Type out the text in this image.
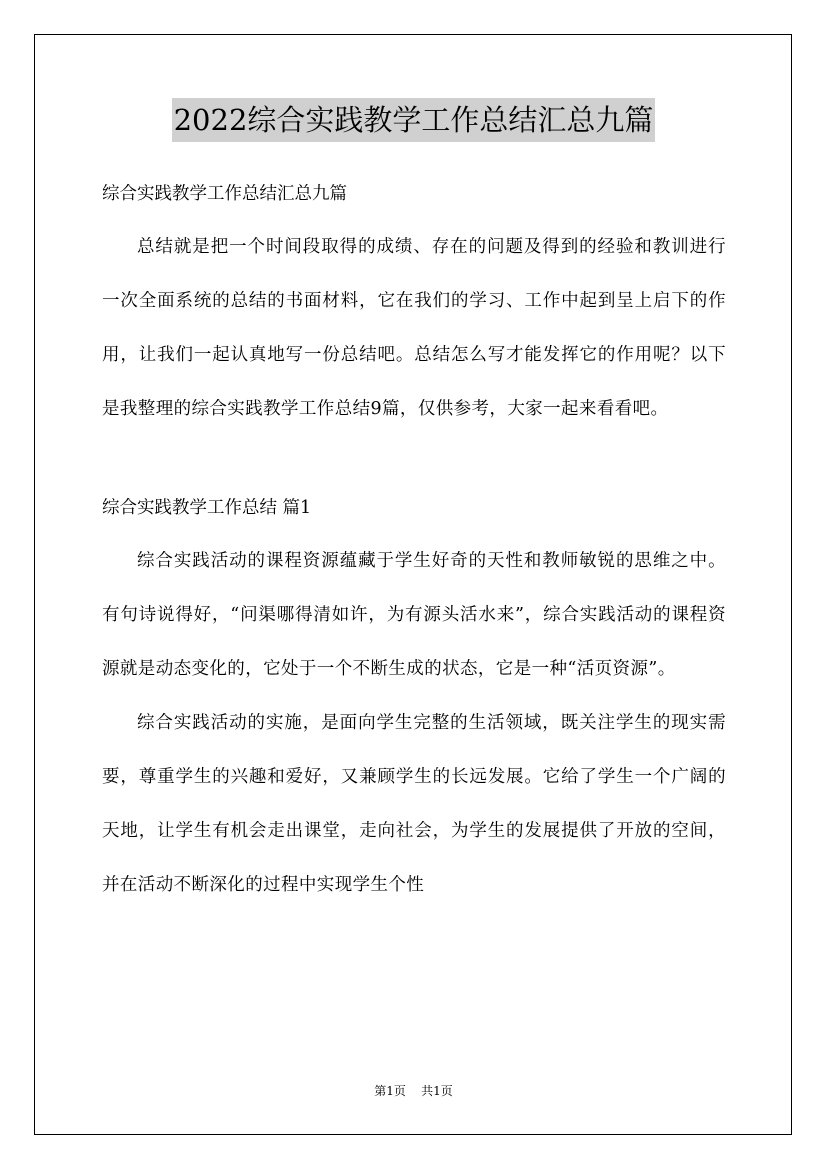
2022综合实践教学工作总结汇总九篇

综合实践教学工作总结汇总九篇

总结就是把一个时间段取得的成绩、存在的问题及得到的经验和教训进行一次全面系统的总结的书面材料，它在我们的学习、工作中起到呈上启下的作用，让我们一起认真地写一份总结吧。总结怎么写才能发挥它的作用呢？以下是我整理的综合实践教学工作总结9篇，仅供参考，大家一起来看看吧。

综合实践教学工作总结 篇1

综合实践活动的课程资源蕴藏于学生好奇的天性和教师敏锐的思维之中。有句诗说得好，“问渠哪得清如许，为有源头活水来”，综合实践活动的课程资源就是动态变化的，它处于一个不断生成的状态，它是一种“活页资源”。

综合实践活动的实施，是面向学生完整的生活领域，既关注学生的现实需要，尊重学生的兴趣和爱好，又兼顾学生的长远发展。它给了学生一个广阔的天地，让学生有机会走出课堂，走向社会，为学生的发展提供了开放的空间，并在活动不断深化的过程中实现学生个性

第1页 共1页
